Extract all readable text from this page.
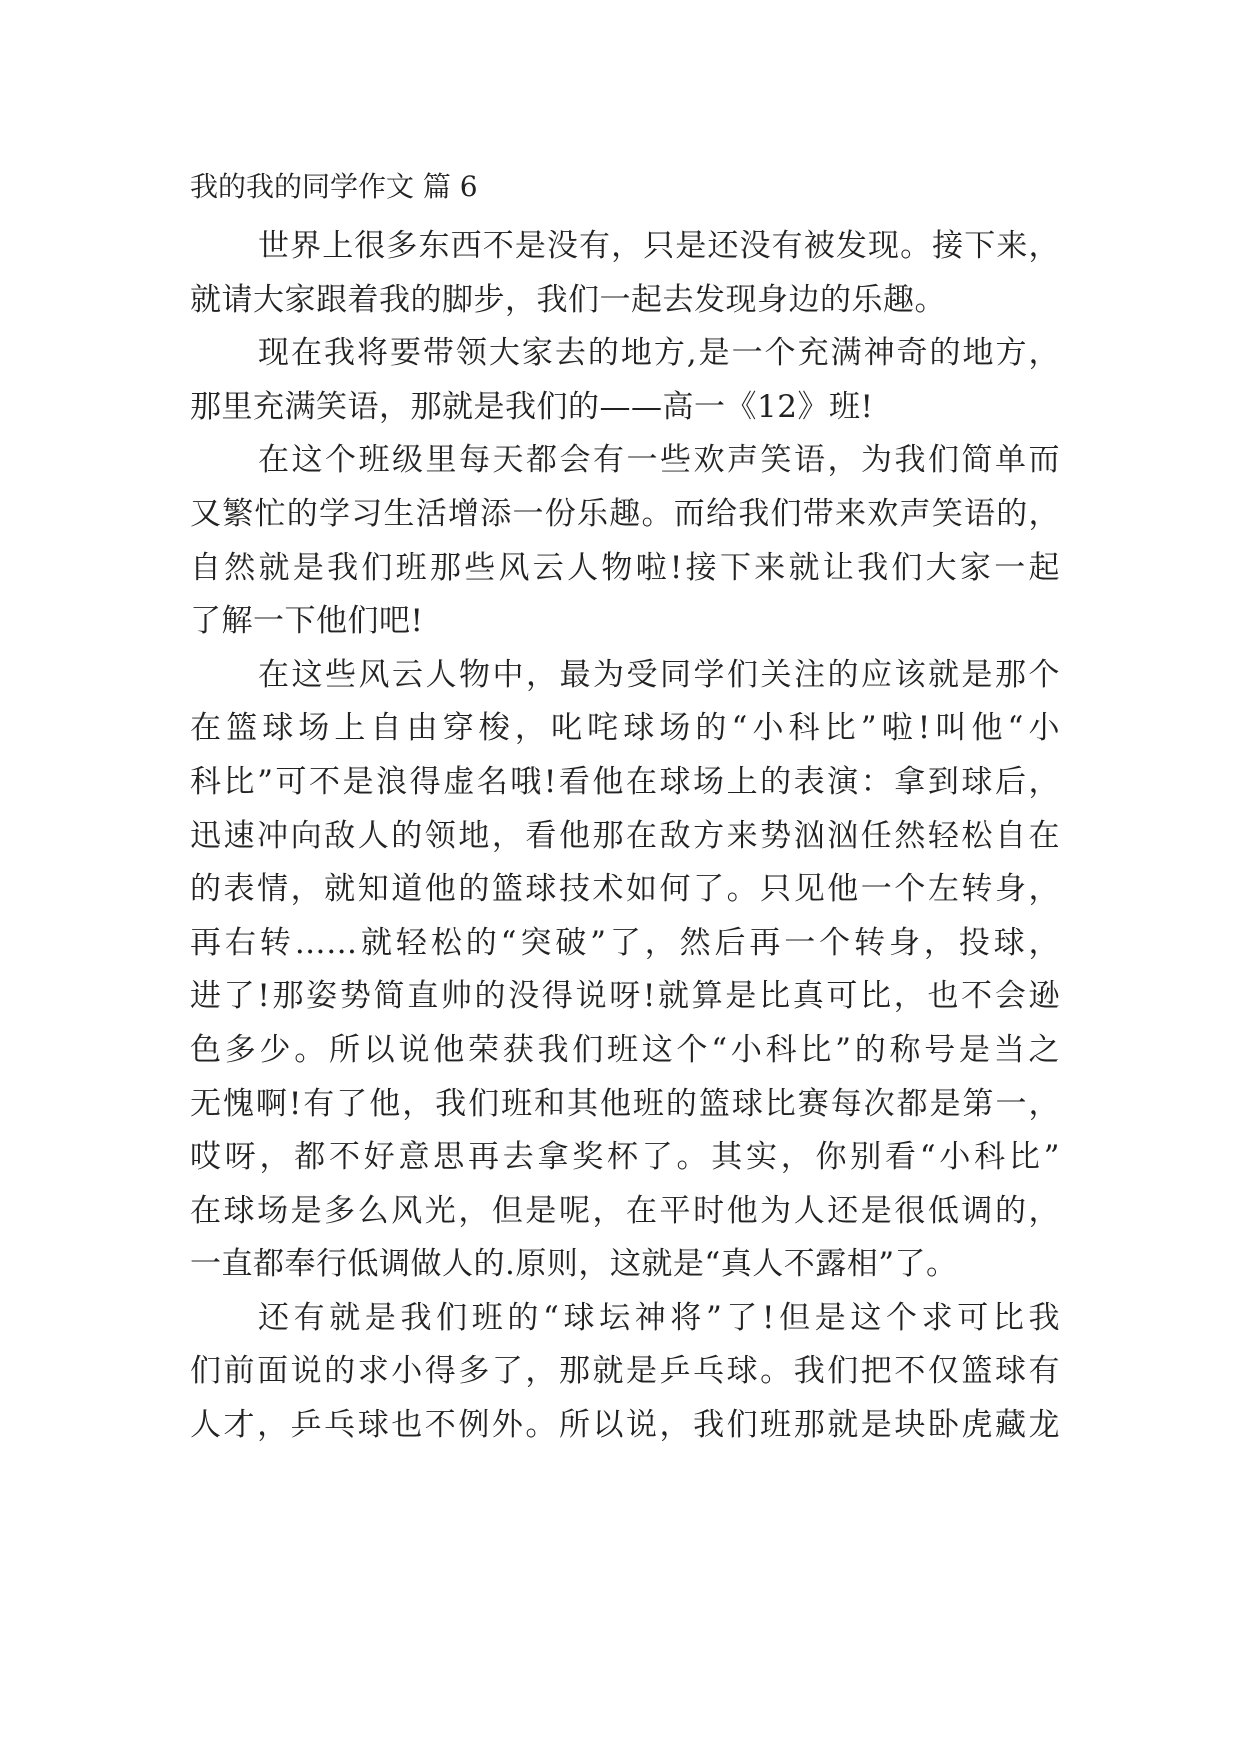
我的我的同学作文 篇 6
世界上很多东西不是没有，只是还没有被发现。接下来，
就请大家跟着我的脚步，我们一起去发现身边的乐趣。
现在我将要带领大家去的地方,是一个充满神奇的地方，
那里充满笑语，那就是我们的——高一《12》班!
在这个班级里每天都会有一些欢声笑语，为我们简单而
又繁忙的学习生活增添一份乐趣。而给我们带来欢声笑语的，
自然就是我们班那些风云人物啦!接下来就让我们大家一起
了解一下他们吧!
在这些风云人物中，最为受同学们关注的应该就是那个
在篮球场上自由穿梭，叱咤球场的“小科比”啦!叫他“小
科比”可不是浪得虚名哦!看他在球场上的表演：拿到球后，
迅速冲向敌人的领地，看他那在敌方来势汹汹任然轻松自在
的表情，就知道他的篮球技术如何了。只见他一个左转身，
再右转……就轻松的“突破”了，然后再一个转身，投球，
进了!那姿势简直帅的没得说呀!就算是比真可比，也不会逊
色多少。所以说他荣获我们班这个“小科比”的称号是当之
无愧啊!有了他，我们班和其他班的篮球比赛每次都是第一，
哎呀，都不好意思再去拿奖杯了。其实，你别看“小科比”
在球场是多么风光，但是呢，在平时他为人还是很低调的，
一直都奉行低调做人的.原则，这就是“真人不露相”了。
还有就是我们班的“球坛神将”了!但是这个求可比我
们前面说的求小得多了，那就是乒乓球。我们把不仅篮球有
人才，乒乓球也不例外。所以说，我们班那就是块卧虎藏龙
